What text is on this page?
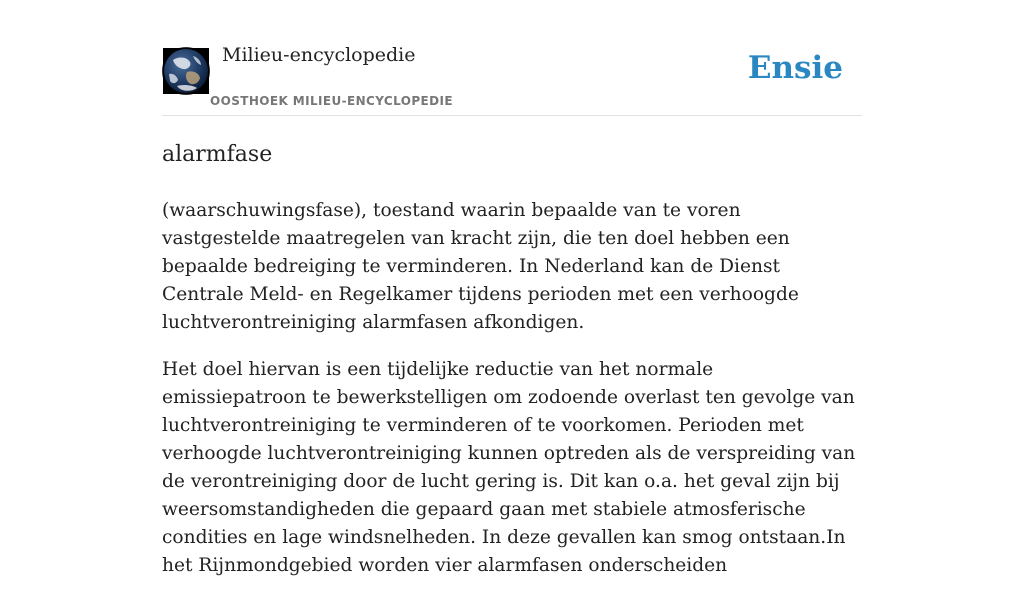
Milieu-encyclopedie
OOSTHOEK MILIEU-ENCYCLOPEDIE
Ensie
alarmfase

(waarschuwingsfase), toestand waarin bepaalde van te voren vastgestelde maatregelen van kracht zijn, die ten doel hebben een bepaalde bedreiging te verminderen. In Nederland kan de Dienst Centrale Meld- en Regelkamer tijdens perioden met een verhoogde luchtverontreiniging alarmfasen afkondigen.

Het doel hiervan is een tijdelijke reductie van het normale emissiepatroon te bewerkstelligen om zodoende overlast ten gevolge van luchtverontreiniging te verminderen of te voorkomen. Perioden met verhoogde luchtverontreiniging kunnen optreden als de verspreiding van de verontreiniging door de lucht gering is. Dit kan o.a. het geval zijn bij weersomstandigheden die gepaard gaan met stabiele atmosferische condities en lage windsnelheden. In deze gevallen kan smog ontstaan.In het Rijnmondgebied worden vier alarmfasen onderscheiden
